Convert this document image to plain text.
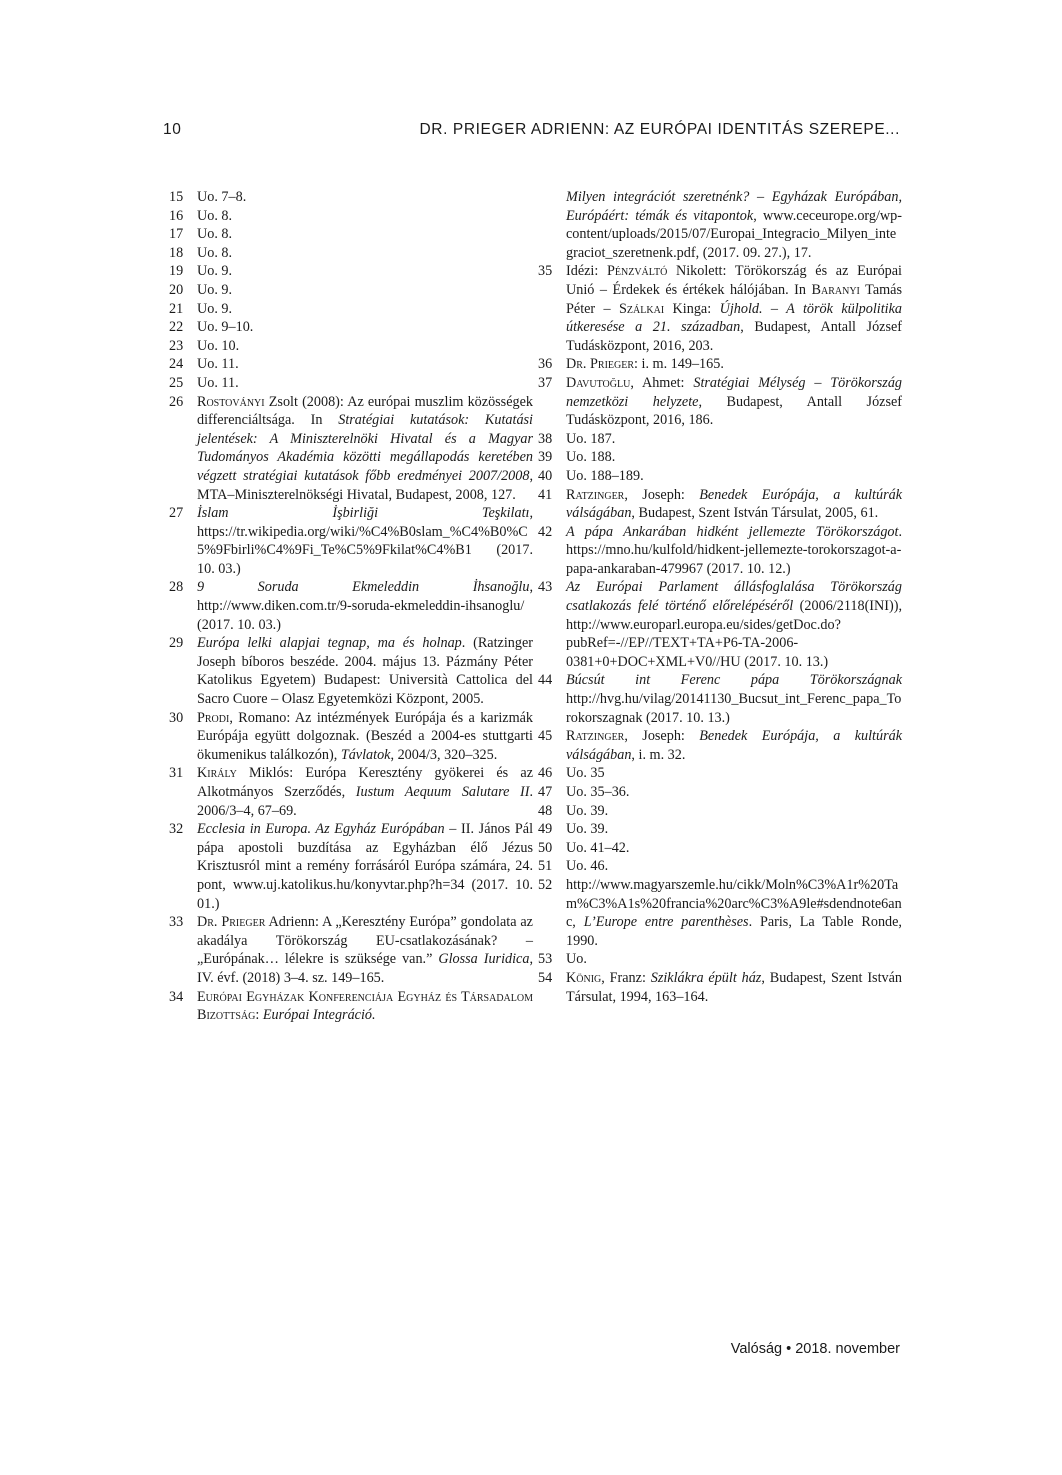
10	DR. PRIEGER ADRIENN: AZ EURÓPAI IDENTITÁS SZEREPE...
15 Uo. 7–8.
16 Uo. 8.
17 Uo. 8.
18 Uo. 8.
19 Uo. 9.
20 Uo. 9.
21 Uo. 9.
22 Uo. 9–10.
23 Uo. 10.
24 Uo. 11.
25 Uo. 11.
26 Rostoványi Zsolt (2008): Az európai muszlim közösségek differenciáltsága. In Stratégiai kutatások: Kutatási jelentések: A Miniszterelnöki Hivatal és a Magyar Tudományos Akadémia közötti megállapodás keretében végzett stratégiai kutatások főbb eredményei 2007/2008, MTA–Miniszterelnökségi Hivatal, Budapest, 2008, 127.
27 İslam İşbirliği Teşkilatı, https://tr.wikipedia.org/wiki/%C4%B0slam_%C4%B0%C5%9Fbirli%C4%9Fi_Te%C5%9Fkilat%C4%B1 (2017. 10. 03.)
28 9 Soruda Ekmeleddin İhsanoğlu, http://www.diken.com.tr/9-soruda-ekmeleddin-ihsanoglu/ (2017. 10. 03.)
29 Európa lelki alapjai tegnap, ma és holnap. (Ratzinger Joseph bíboros beszéde. 2004. május 13. Pázmány Péter Katolikus Egyetem) Budapest: Università Cattolica del Sacro Cuore – Olasz Egyetemközi Központ, 2005.
30 Prodi, Romano: Az intézmények Európája és a karizmák Európája együtt dolgoznak. (Beszéd a 2004-es stuttgarti ökumenikus találkozón), Távlatok, 2004/3, 320–325.
31 Király Miklós: Európa Keresztény gyökerei és az Alkotmányos Szerződés, Iustum Aequum Salutare II. 2006/3–4, 67–69.
32 Ecclesia in Europa. Az Egyház Európában – II. János Pál pápa apostoli buzdítása az Egyházban élő Jézus Krisztusról mint a remény forrásáról Európa számára, 24. pont, www.uj.katolikus.hu/konyvtar.php?h=34 (2017. 10. 01.)
33 Dr. Prieger Adrienn: A „Keresztény Európa” gondolata az akadálya Törökország EU-csatlakozásának? – „Európának… lélekre is szüksége van.” Glossa Iuridica, IV. évf. (2018) 3–4. sz. 149–165.
34 Európai Egyházak Konferenciája Egyház és Társadalom Bizottság: Európai Integráció.
Milyen integrációt szeretnénk? – Egyházak Európában, Európáért: témák és vitapontok, www.ceceurope.org/wp-content/uploads/2015/07/Europai_Integracio_Milyen_integraciot_szeretnenk.pdf, (2017. 09. 27.), 17.
35 Idézi: Pénzváltó Nikolett: Törökország és az Európai Unió – Érdekek és értékek hálójában. In Baranyi Tamás Péter – Szálkai Kinga: Újhold. – A török külpolitika útkeresése a 21. században, Budapest, Antall József Tudásközpont, 2016, 203.
36 Dr. Prieger: i. m. 149–165.
37 Davutoğlu, Ahmet: Stratégiai Mélység – Törökország nemzetközi helyzete, Budapest, Antall József Tudásközpont, 2016, 186.
38 Uo. 187.
39 Uo. 188.
40 Uo. 188–189.
41 Ratzinger, Joseph: Benedek Európája, a kultúrák válságában, Budapest, Szent István Társulat, 2005, 61.
42 A pápa Ankarában hidként jellemezte Törökországot. https://mno.hu/kulfold/hidkent-jellemezte-torokorszagot-a-papa-ankaraban-479967 (2017. 10. 12.)
43 Az Európai Parlament állásfoglalása Törökország csatlakozás felé történő előrelépéséről (2006/2118(INI)), http://www.europarl.europa.eu/sides/getDoc.do?pubRef=-//EP//TEXT+TA+P6-TA-2006-0381+0+DOC+XML+V0//HU (2017. 10. 13.)
44 Búcsút int Ferenc pápa Törökországnak http://hvg.hu/vilag/20141130_Bucsut_int_Ferenc_papa_Torokorszagnak (2017. 10. 13.)
45 Ratzinger, Joseph: Benedek Európája, a kultúrák válságában, i. m. 32.
46 Uo. 35
47 Uo. 35–36.
48 Uo. 39.
49 Uo. 39.
50 Uo. 41–42.
51 Uo. 46.
52 http://www.magyarszemle.hu/cikk/Moln%C3%A1r%20Tam%C3%A1s%20francia%20arc%C3%A9le#sdendnote6anc, L’Europe entre parenthèses. Paris, La Table Ronde, 1990.
53 Uo.
54 König, Franz: Sziklákra épült ház, Budapest, Szent István Társulat, 1994, 163–164.
Valóság • 2018. november
